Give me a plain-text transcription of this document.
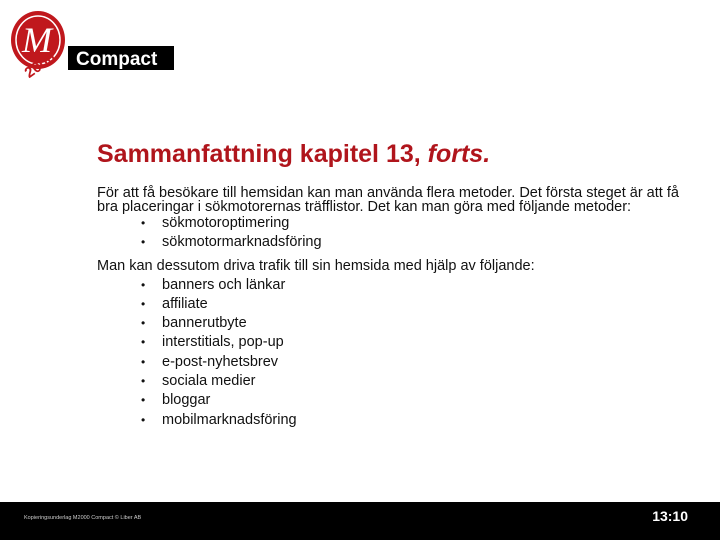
M Compact
2000
Sammanfattning kapitel 13, forts.

För att få besökare till hemsidan kan man använda flera metoder. Det första steget är att få bra placeringar i sökmotorernas träfflistor. Det kan man göra med följande metoder:

• sökmotoroptimering
• sökmotormarknadsföring

Man kan dessutom driva trafik till sin hemsida med hjälp av följande:

• banners och länkar
• affiliate
• bannerutbyte
• interstitials, pop-up
• e-post-nyhetsbrev
• sociala medier
• bloggar
• mobilmarknadsföring
Kopieringsunderlag M2000 Compact © Liber AB	13:10
